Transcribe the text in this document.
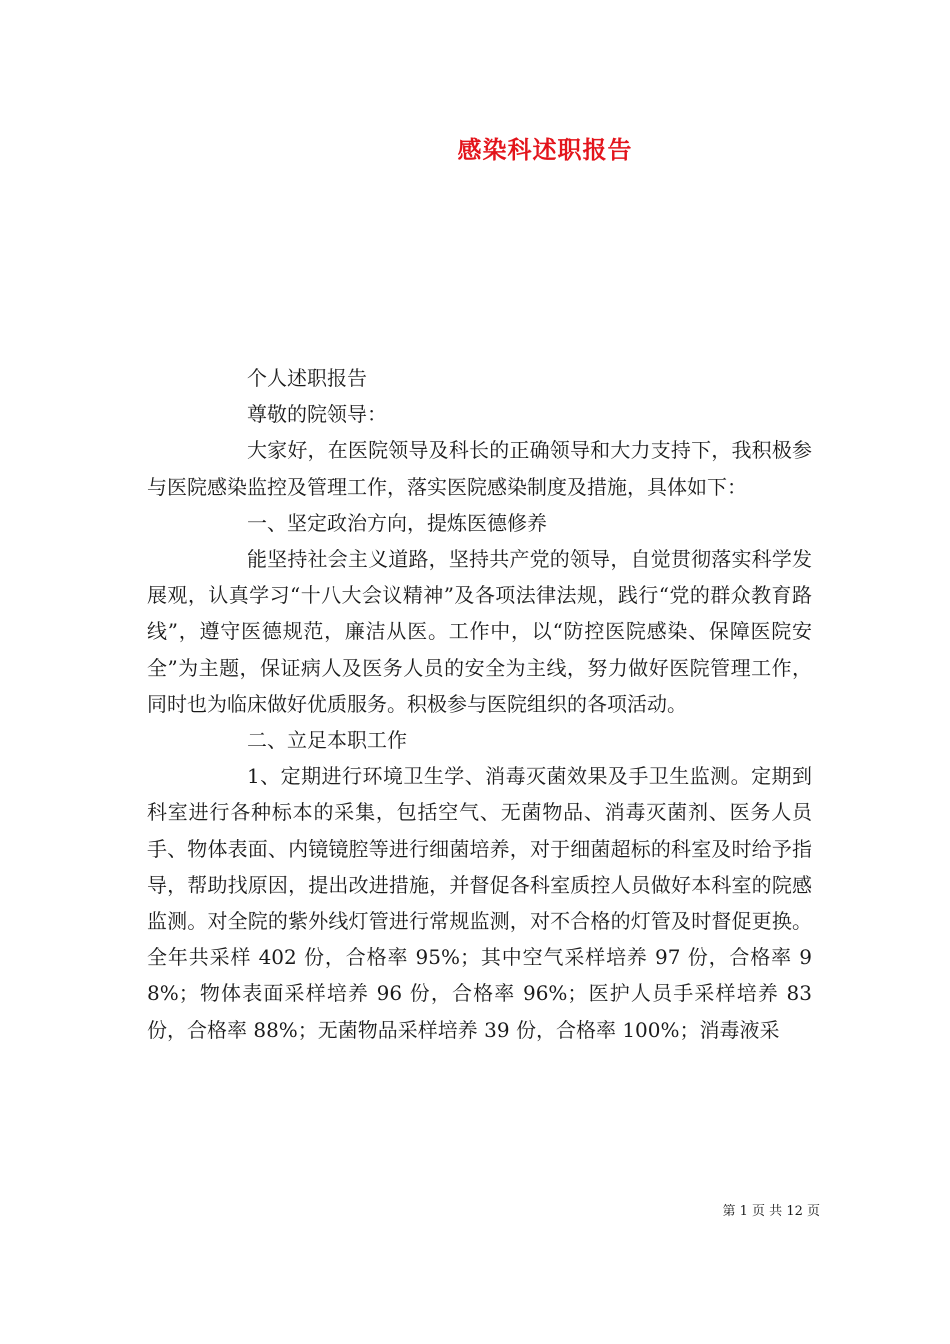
感染科述职报告

个人述职报告

尊敬的院领导：

大家好，在医院领导及科长的正确领导和大力支持下，我积极参与医院感染监控及管理工作，落实医院感染制度及措施，具体如下：

一、坚定政治方向，提炼医德修养

能坚持社会主义道路，坚持共产党的领导，自觉贯彻落实科学发展观，认真学习“十八大会议精神”及各项法律法规，践行“党的群众教育路线”，遵守医德规范，廉洁从医。工作中，以“防控医院感染、保障医院安全”为主题，保证病人及医务人员的安全为主线，努力做好医院管理工作，同时也为临床做好优质服务。积极参与医院组织的各项活动。

二、立足本职工作

1、定期进行环境卫生学、消毒灭菌效果及手卫生监测。定期到科室进行各种标本的采集，包括空气、无菌物品、消毒灭菌剂、医务人员手、物体表面、内镜镜腔等进行细菌培养，对于细菌超标的科室及时给予指导，帮助找原因，提出改进措施，并督促各科室质控人员做好本科室的院感监测。对全院的紫外线灯管进行常规监测，对不合格的灯管及时督促更换。全年共采样 402 份，合格率 95%；其中空气采样培养 97 份，合格率 98%；物体表面采样培养 96 份，合格率 96%；医护人员手采样培养 83 份，合格率 88%；无菌物品采样培养 39 份，合格率 100%；消毒液采

第 1 页 共 12 页
